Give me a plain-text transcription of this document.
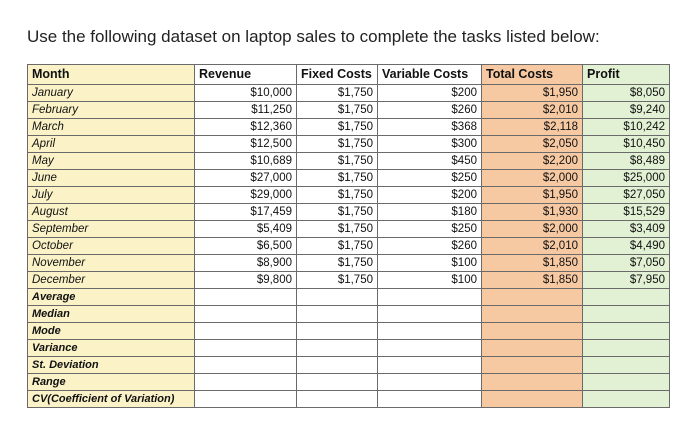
Use the following dataset on laptop sales to complete the tasks listed below:
Month	Revenue	Fixed Costs	Variable Costs	Total Costs	Profit
January	$10,000	$1,750	$200	$1,950	$8,050
February	$11,250	$1,750	$260	$2,010	$9,240
March	$12,360	$1,750	$368	$2,118	$10,242
April	$12,500	$1,750	$300	$2,050	$10,450
May	$10,689	$1,750	$450	$2,200	$8,489
June	$27,000	$1,750	$250	$2,000	$25,000
July	$29,000	$1,750	$200	$1,950	$27,050
August	$17,459	$1,750	$180	$1,930	$15,529
September	$5,409	$1,750	$250	$2,000	$3,409
October	$6,500	$1,750	$260	$2,010	$4,490
November	$8,900	$1,750	$100	$1,850	$7,050
December	$9,800	$1,750	$100	$1,850	$7,950
Average					
Median					
Mode					
Variance					
St. Deviation					
Range					
CV(Coefficient of Variation)					
